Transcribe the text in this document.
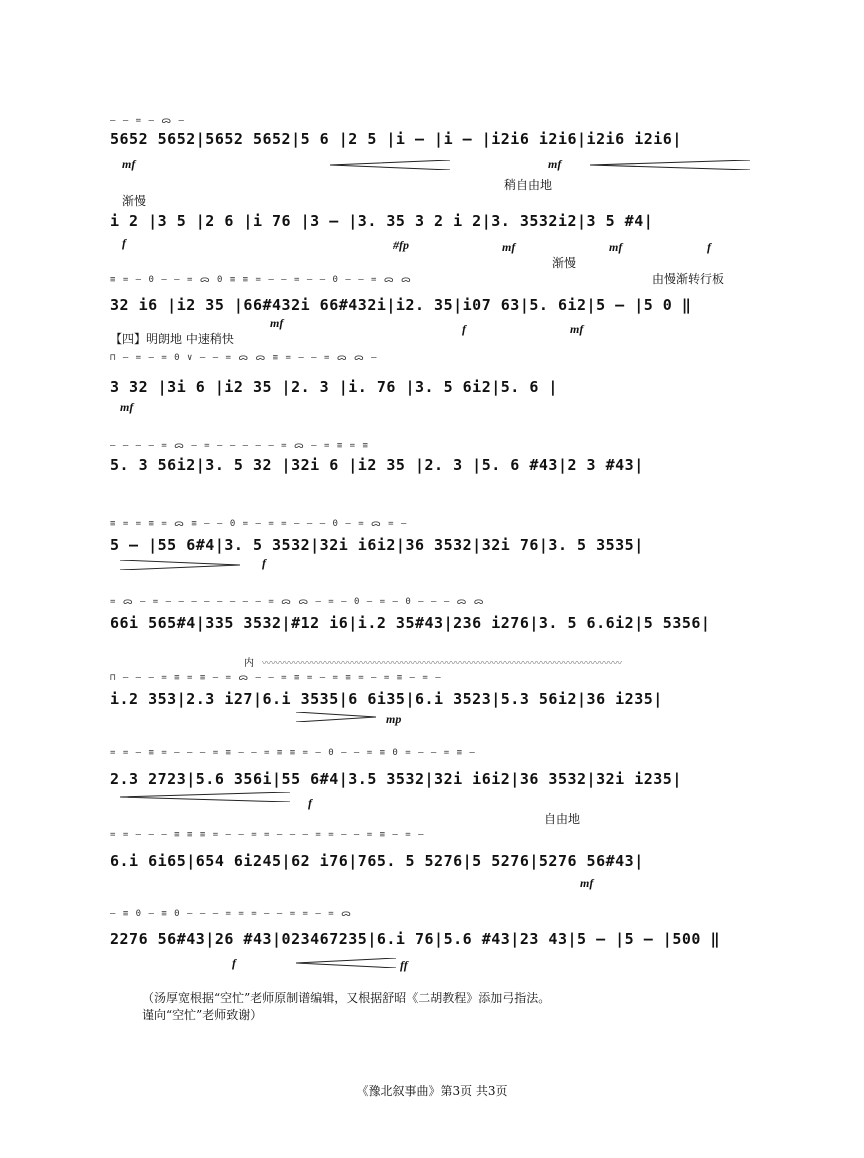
– – = – ᯅ –
5652 5652|5652 5652|5 6 |2 5 |i – |i – |i2i6 i2i6|i2i6 i2i6|
mf	mf
稍自由地
渐慢
i 2 |3 5 |2 6 |i 76 |3 – |3. 35 3 2 i 2|3. 3532i2|3 5 #4|
f	#fp	mf	mf	f
渐慢
≡ = – 0 – – = ᯅ 0 ≡ ≡ = – – = – – 0 – – = ᯅ ᯅ	由慢渐转行板
32 i6 |i2 35 |66#432i 66#432i|i2. 35|i07 63|5. 6i2|5 – |5 0 ‖
mf	f	mf
【四】明朗地 中速稍快
⊓ – = – = 0 ∨ – – = ᯅ ᯅ ≡ = – – = ᯅ ᯅ –
3 32 |3i 6 |i2 35 |2. 3 |i. 76 |3. 5 6i2|5. 6 |
mf
– – – – = ᯅ – = – – – – – = ᯅ – = ≡ = ≡
5. 3 56i2|3. 5 32 |32i 6 |i2 35 |2. 3 |5. 6 #43|2 3 #43|
≡ = = ≡ = ᯅ ≡ – – 0 = – = = – – – 0 – = ᯅ = –
5 – |55 6#4|3. 5 3532|32i i6i2|36 3532|32i 76|3. 5 3535|
f
= ᯅ – = – – – – – – – – = ᯅ ᯅ – = – 0 – = – 0 – – – ᯅ ᯅ
66i 565#4|335 3532|#12 i6|i.2 35#43|236 i276|3. 5 6.6i2|5 5356|
内 〰〰〰〰〰〰〰〰〰〰〰〰〰〰〰〰〰〰〰〰〰〰〰〰〰〰〰〰〰〰〰〰〰〰〰〰〰〰〰〰
⊓ – – – = ≡ = ≡ – = ᯅ – – = ≡ = – = ≡ = – = ≡ – = –
i.2 353|2.3 i27|6.i 3535|6 6i35|6.i 3523|5.3 56i2|36 i235|
mp
= = – ≡ = – – – = ≡ – – = ≡ ≡ = – 0 – – = ≡ 0 = – – = ≡ –
2.3 2723|5.6 356i|55 6#4|3.5 3532|32i i6i2|36 3532|32i i235|
f
自由地
= = – – – ≡ ≡ ≡ = – – = = – – – = = – – = ≡ – = –
6.i 6i65|654 6i245|62 i76|765. 5 5276|5 5276|5276 56#43|
mf
– ≡ 0 – ≡ 0 – – – = = = – – = = – = ᯅ
2276 56#43|26 #43|023467235|6.i 76|5.6 #43|23 43|5 – |5 – |500 ‖
f	ff
（汤厚宽根据“空忙”老师原制谱编辑，又根据舒昭《二胡教程》添加弓指法。
谨向“空忙”老师致谢）
《豫北叙事曲》第3页 共3页
